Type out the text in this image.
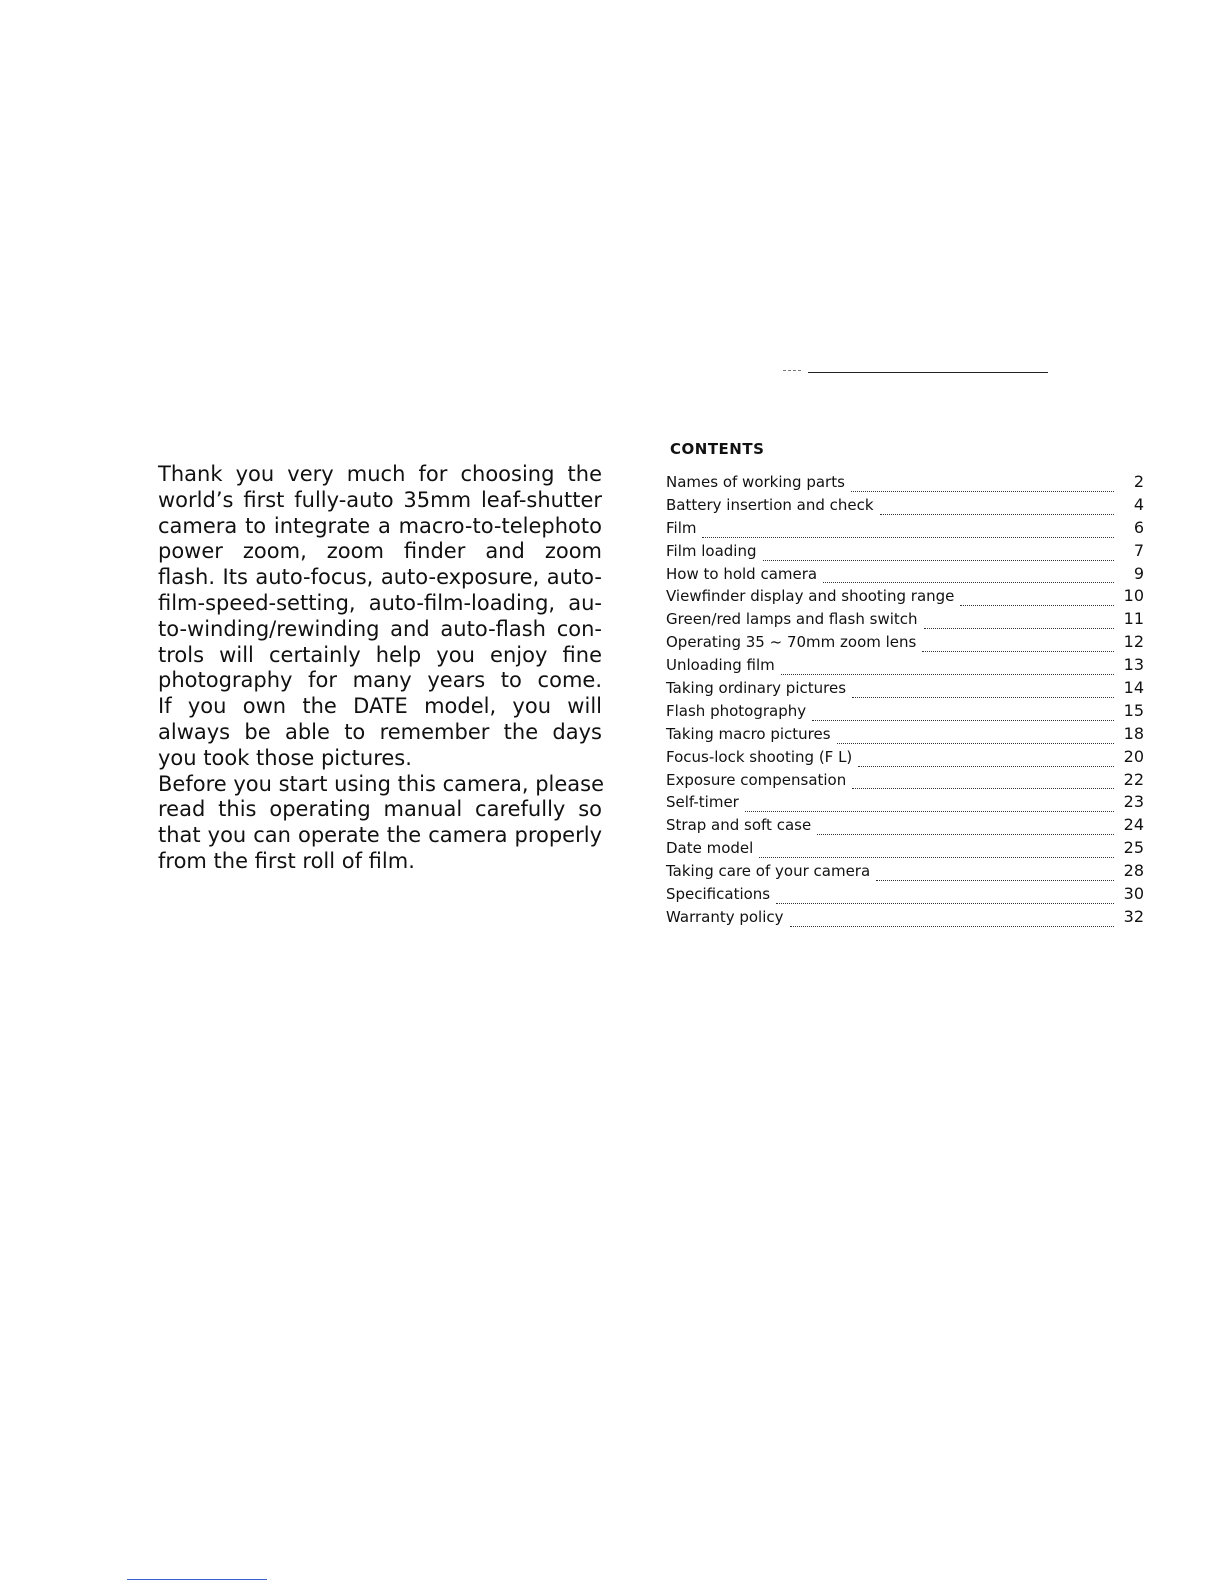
Thank you very much for choosing the
world’s first fully-auto 35mm leaf-shutter
camera to integrate a macro-to-telephoto
power zoom, zoom finder and zoom
flash. Its auto-focus, auto-exposure, auto-
film-speed-setting, auto-film-loading, au-
to-winding/rewinding and auto-flash con-
trols will certainly help you enjoy fine
photography for many years to come.
If you own the DATE model, you will
always be able to remember the days
you took those pictures.
Before you start using this camera, please
read this operating manual carefully so
that you can operate the camera properly
from the first roll of film.
CONTENTS
Names of working parts	2
Battery insertion and check	4
Film	6
Film loading	7
How to hold camera	9
Viewfinder display and shooting range	10
Green/red lamps and flash switch	11
Operating 35 ~ 70mm zoom lens	12
Unloading film	13
Taking ordinary pictures	14
Flash photography	15
Taking macro pictures	18
Focus-lock shooting (F L)	20
Exposure compensation	22
Self-timer	23
Strap and soft case	24
Date model	25
Taking care of your camera	28
Specifications	30
Warranty policy	32
